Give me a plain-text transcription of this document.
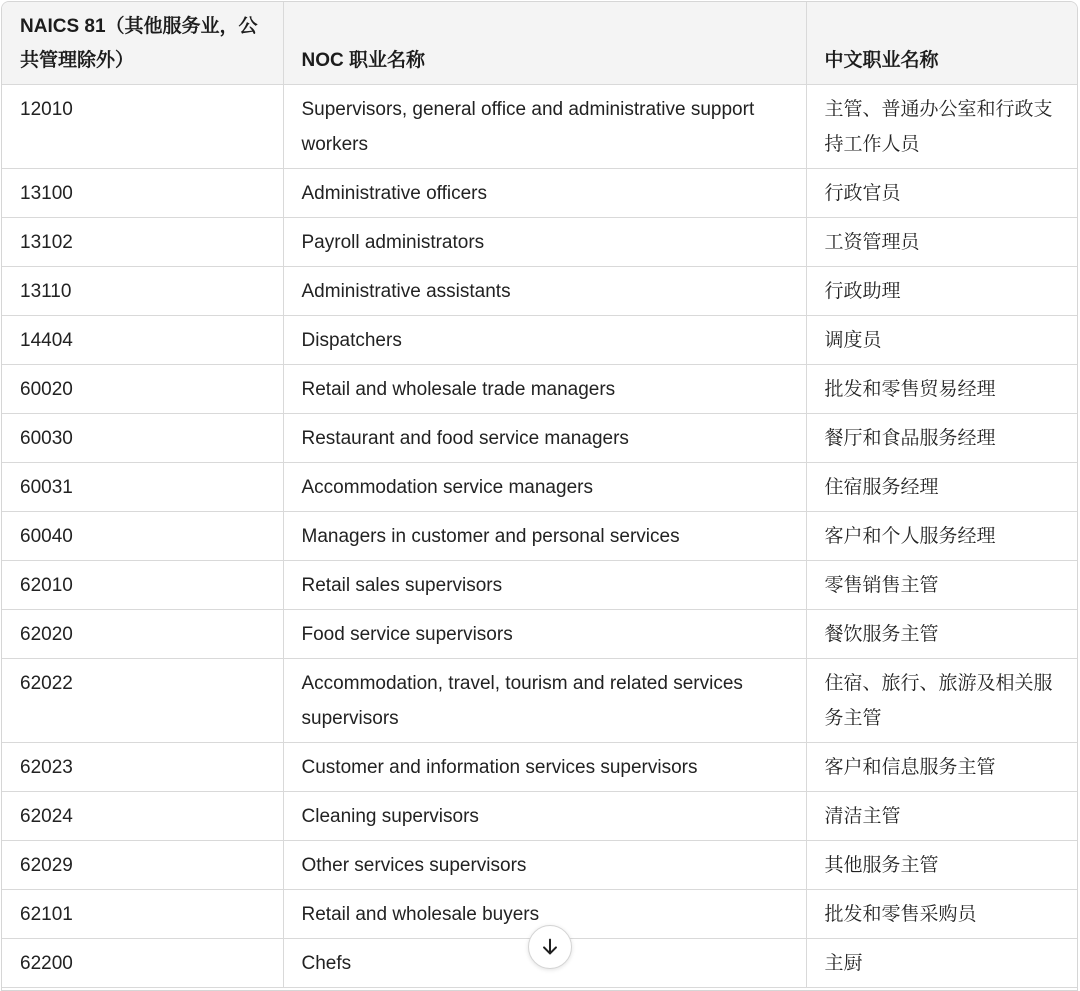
NAICS 81（其他服务业，公共管理除外）	NOC 职业名称	中文职业名称
12010	Supervisors, general office and administrative support workers	主管、普通办公室和行政支持工作人员
13100	Administrative officers	行政官员
13102	Payroll administrators	工资管理员
13110	Administrative assistants	行政助理
14404	Dispatchers	调度员
60020	Retail and wholesale trade managers	批发和零售贸易经理
60030	Restaurant and food service managers	餐厅和食品服务经理
60031	Accommodation service managers	住宿服务经理
60040	Managers in customer and personal services	客户和个人服务经理
62010	Retail sales supervisors	零售销售主管
62020	Food service supervisors	餐饮服务主管
62022	Accommodation, travel, tourism and related services supervisors	住宿、旅行、旅游及相关服务主管
62023	Customer and information services supervisors	客户和信息服务主管
62024	Cleaning supervisors	清洁主管
62029	Other services supervisors	其他服务主管
62101	Retail and wholesale buyers	批发和零售采购员
62200	Chefs	主厨
